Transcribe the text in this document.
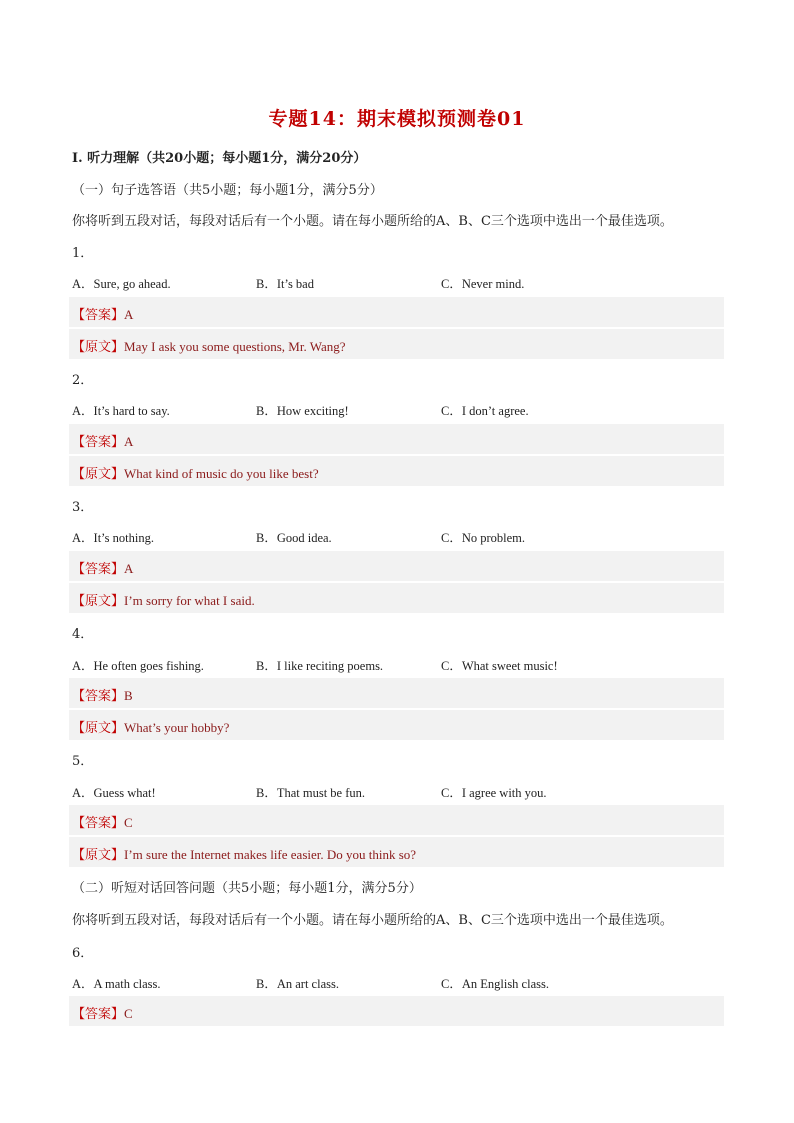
专题14：期末模拟预测卷01
I. 听力理解（共20小题；每小题1分，满分20分）
（一）句子选答语（共5小题；每小题1分，满分5分）
你将听到五段对话，每段对话后有一个小题。请在每小题所给的A、B、C三个选项中选出一个最佳选项。
1．
A．Sure, go ahead.	B．It’s bad	C．Never mind.
【答案】A
【原文】May I ask you some questions, Mr. Wang?
2．
A．It’s hard to say.	B．How exciting!	C．I don’t agree.
【答案】A
【原文】What kind of music do you like best?
3．
A．It’s nothing.	B．Good idea.	C．No problem.
【答案】A
【原文】I’m sorry for what I said.
4．
A．He often goes fishing.	B．I like reciting poems.	C．What sweet music!
【答案】B
【原文】What’s your hobby?
5．
A．Guess what!	B．That must be fun.	C．I agree with you.
【答案】C
【原文】I’m sure the Internet makes life easier. Do you think so?
（二）听短对话回答问题（共5小题；每小题1分，满分5分）
你将听到五段对话，每段对话后有一个小题。请在每小题所给的A、B、C三个选项中选出一个最佳选项。
6．
A．A math class.	B．An art class.	C．An English class.
【答案】C
